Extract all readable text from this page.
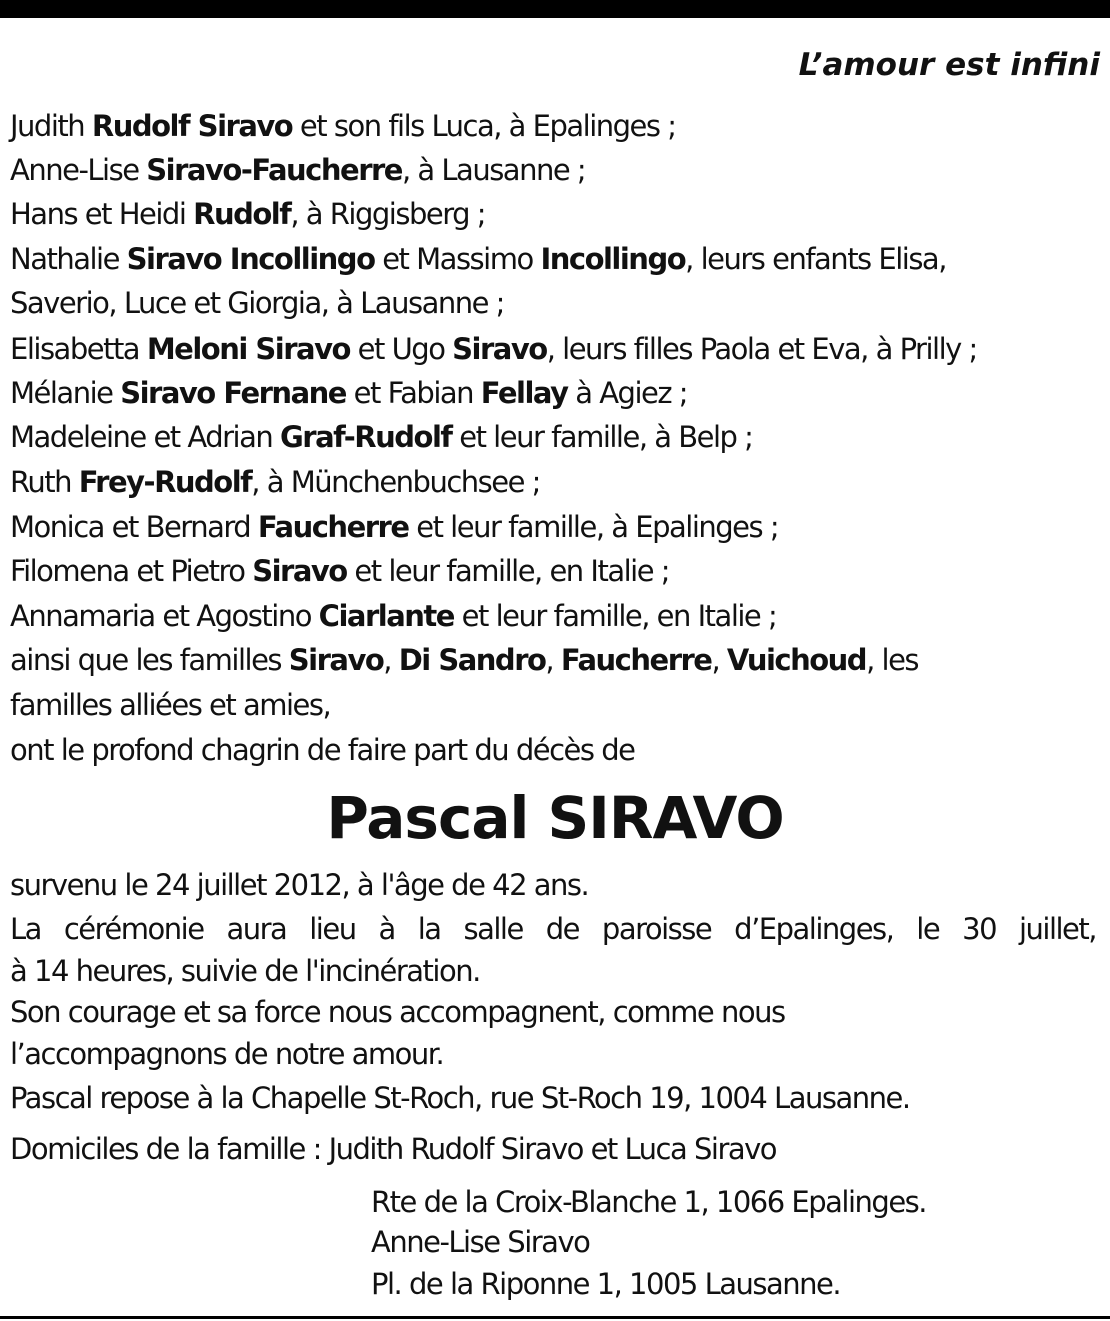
L’amour est infini
Judith Rudolf Siravo et son fils Luca, à Epalinges ;
Anne-Lise Siravo-Faucherre, à Lausanne ;
Hans et Heidi Rudolf, à Riggisberg ;
Nathalie Siravo Incollingo et Massimo Incollingo, leurs enfants Elisa,
Saverio, Luce et Giorgia, à Lausanne ;
Elisabetta Meloni Siravo et Ugo Siravo, leurs filles Paola et Eva, à Prilly ;
Mélanie Siravo Fernane et Fabian Fellay à Agiez ;
Madeleine et Adrian Graf-Rudolf et leur famille, à Belp ;
Ruth Frey-Rudolf, à Münchenbuchsee ;
Monica et Bernard Faucherre et leur famille, à Epalinges ;
Filomena et Pietro Siravo et leur famille, en Italie ;
Annamaria et Agostino Ciarlante et leur famille, en Italie ;
ainsi que les familles Siravo, Di Sandro, Faucherre, Vuichoud, les
familles alliées et amies,
ont le profond chagrin de faire part du décès de
Pascal SIRAVO
survenu le 24 juillet 2012, à l'âge de 42 ans.
La cérémonie aura lieu à la salle de paroisse d’Epalinges, le 30 juillet,
à 14 heures, suivie de l'incinération.
Son courage et sa force nous accompagnent, comme nous
l’accompagnons de notre amour.
Pascal repose à la Chapelle St-Roch, rue St-Roch 19, 1004 Lausanne.
Domiciles de la famille : Judith Rudolf Siravo et Luca Siravo
Rte de la Croix-Blanche 1, 1066 Epalinges.
Anne-Lise Siravo
Pl. de la Riponne 1, 1005 Lausanne.
